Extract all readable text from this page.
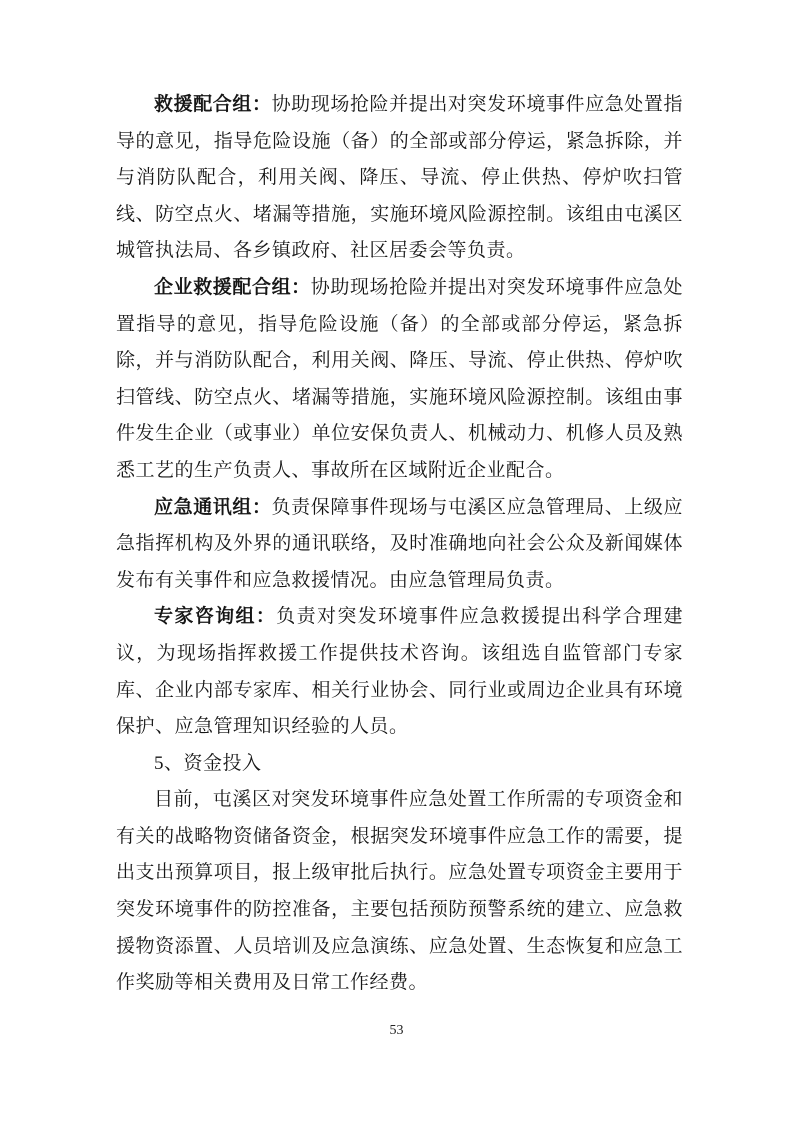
救援配合组：协助现场抢险并提出对突发环境事件应急处置指导的意见，指导危险设施（备）的全部或部分停运，紧急拆除，并与消防队配合，利用关阀、降压、导流、停止供热、停炉吹扫管线、防空点火、堵漏等措施，实施环境风险源控制。该组由屯溪区城管执法局、各乡镇政府、社区居委会等负责。

企业救援配合组：协助现场抢险并提出对突发环境事件应急处置指导的意见，指导危险设施（备）的全部或部分停运，紧急拆除，并与消防队配合，利用关阀、降压、导流、停止供热、停炉吹扫管线、防空点火、堵漏等措施，实施环境风险源控制。该组由事件发生企业（或事业）单位安保负责人、机械动力、机修人员及熟悉工艺的生产负责人、事故所在区域附近企业配合。

应急通讯组：负责保障事件现场与屯溪区应急管理局、上级应急指挥机构及外界的通讯联络，及时准确地向社会公众及新闻媒体发布有关事件和应急救援情况。由应急管理局负责。

专家咨询组：负责对突发环境事件应急救援提出科学合理建议，为现场指挥救援工作提供技术咨询。该组选自监管部门专家库、企业内部专家库、相关行业协会、同行业或周边企业具有环境保护、应急管理知识经验的人员。

5、资金投入

目前，屯溪区对突发环境事件应急处置工作所需的专项资金和有关的战略物资储备资金，根据突发环境事件应急工作的需要，提出支出预算项目，报上级审批后执行。应急处置专项资金主要用于突发环境事件的防控准备，主要包括预防预警系统的建立、应急救援物资添置、人员培训及应急演练、应急处置、生态恢复和应急工作奖励等相关费用及日常工作经费。

53
